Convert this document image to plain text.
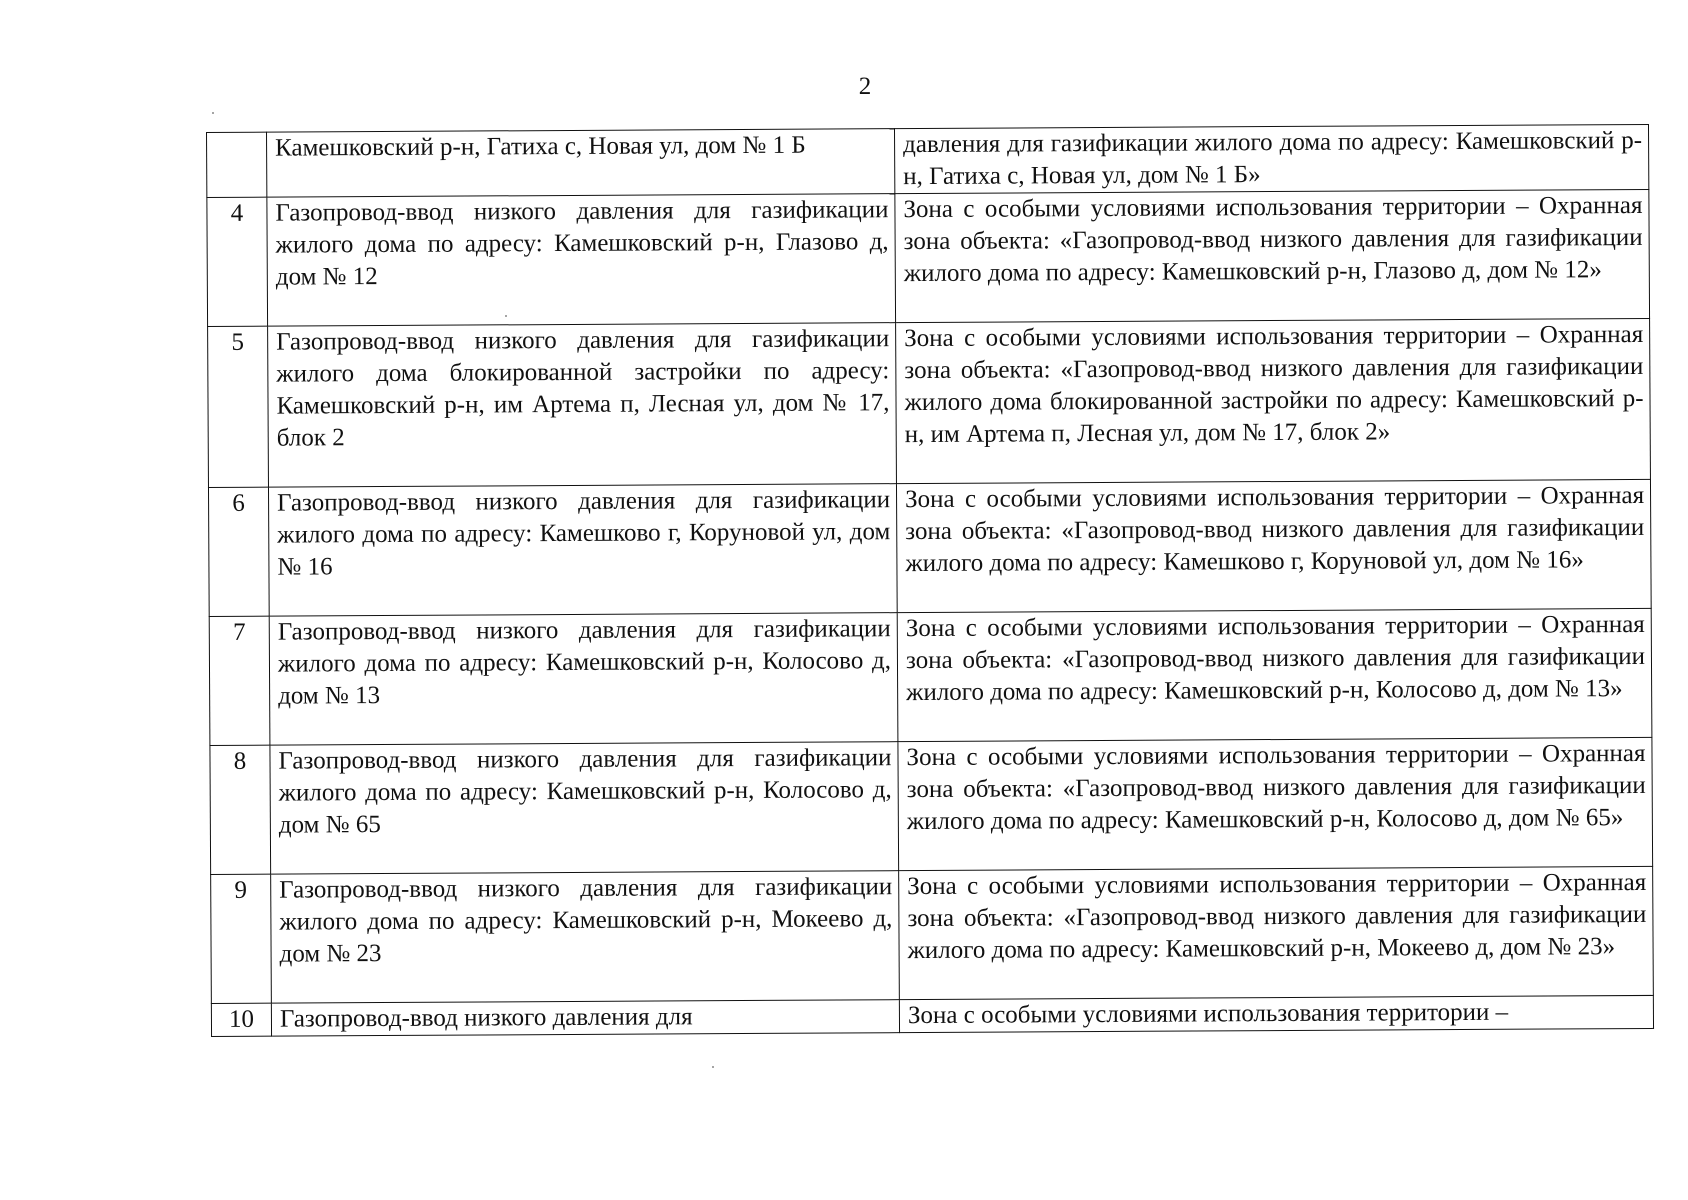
2
	Камешковский р-н, Гатиха с, Новая ул, дом № 1 Б	давления для газификации жилого дома по адресу: Камешковский р-н, Гатиха с, Новая ул, дом № 1 Б»
4	Газопровод-ввод низкого давления для газификации жилого дома по адресу: Камешковский р-н, Глазово д, дом № 12	Зона с особыми условиями использования территории – Охранная зона объекта: «Газопровод-ввод низкого давления для газификации жилого дома по адресу: Камешковский р-н, Глазово д, дом № 12»
5	Газопровод-ввод низкого давления для газификации жилого дома блокированной застройки по адресу: Камешковский р-н, им Артема п, Лесная ул, дом № 17, блок 2	Зона с особыми условиями использования территории – Охранная зона объекта: «Газопровод-ввод низкого давления для газификации жилого дома блокированной застройки по адресу: Камешковский р-н, им Артема п, Лесная ул, дом № 17, блок 2»
6	Газопровод-ввод низкого давления для газификации жилого дома по адресу: Камешково г, Коруновой ул, дом № 16	Зона с особыми условиями использования территории – Охранная зона объекта: «Газопровод-ввод низкого давления для газификации жилого дома по адресу: Камешково г, Коруновой ул, дом № 16»
7	Газопровод-ввод низкого давления для газификации жилого дома по адресу: Камешковский р-н, Колосово д, дом № 13	Зона с особыми условиями использования территории – Охранная зона объекта: «Газопровод-ввод низкого давления для газификации жилого дома по адресу: Камешковский р-н, Колосово д, дом № 13»
8	Газопровод-ввод низкого давления для газификации жилого дома по адресу: Камешковский р-н, Колосово д, дом № 65	Зона с особыми условиями использования территории – Охранная зона объекта: «Газопровод-ввод низкого давления для газификации жилого дома по адресу: Камешковский р-н, Колосово д, дом № 65»
9	Газопровод-ввод низкого давления для газификации жилого дома по адресу: Камешковский р-н, Мокеево д, дом № 23	Зона с особыми условиями использования территории – Охранная зона объекта: «Газопровод-ввод низкого давления для газификации жилого дома по адресу: Камешковский р-н, Мокеево д, дом № 23»
10	Газопровод-ввод низкого давления для	Зона с особыми условиями использования территории –
